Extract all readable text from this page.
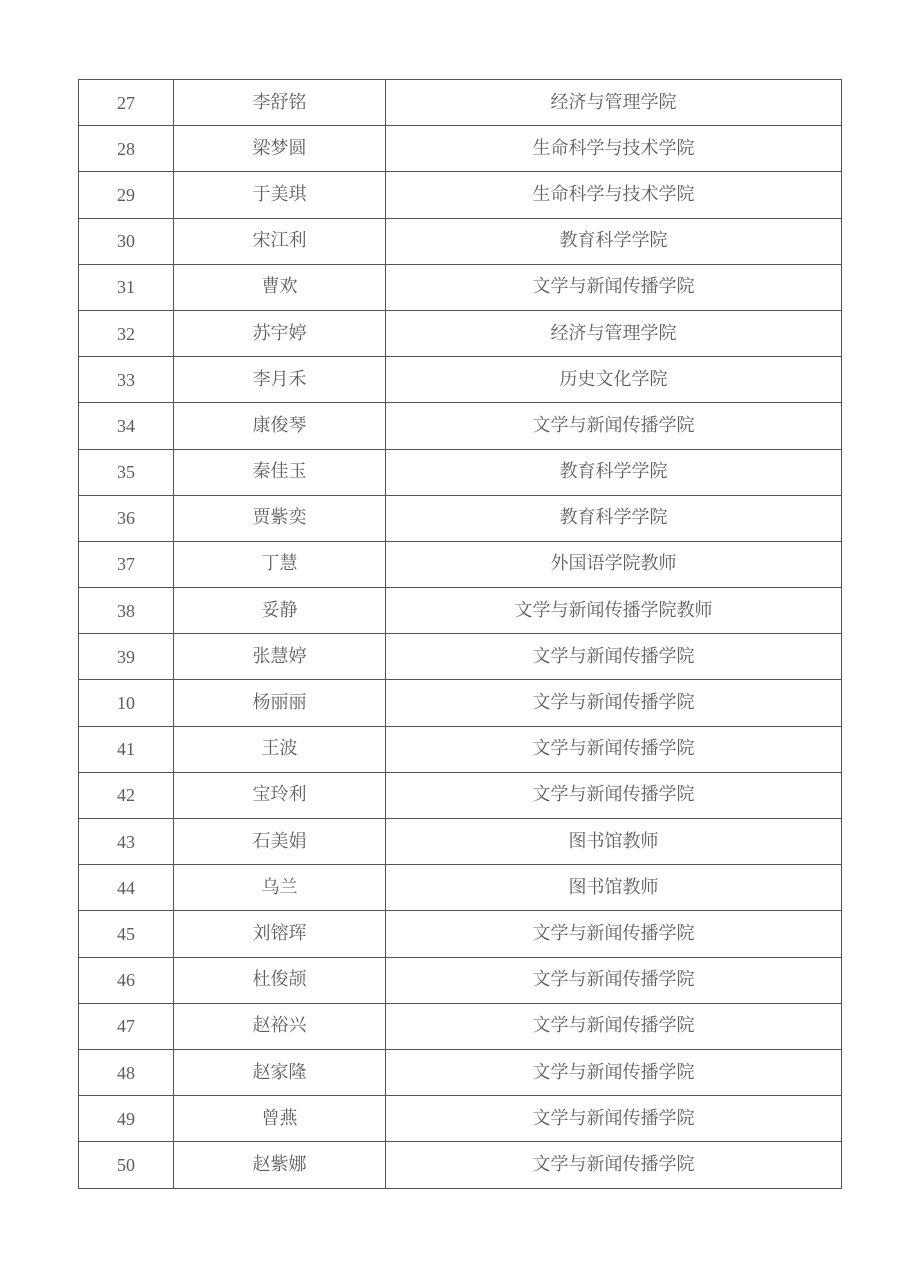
27	李舒铭	经济与管理学院
28	梁梦圆	生命科学与技术学院
29	于美琪	生命科学与技术学院
30	宋江利	教育科学学院
31	曹欢	文学与新闻传播学院
32	苏宇婷	经济与管理学院
33	李月禾	历史文化学院
34	康俊琴	文学与新闻传播学院
35	秦佳玉	教育科学学院
36	贾紫奕	教育科学学院
37	丁慧	外国语学院教师
38	妥静	文学与新闻传播学院教师
39	张慧婷	文学与新闻传播学院
10	杨丽丽	文学与新闻传播学院
41	王波	文学与新闻传播学院
42	宝玲利	文学与新闻传播学院
43	石美娟	图书馆教师
44	乌兰	图书馆教师
45	刘镕珲	文学与新闻传播学院
46	杜俊颉	文学与新闻传播学院
47	赵裕兴	文学与新闻传播学院
48	赵家隆	文学与新闻传播学院
49	曾燕	文学与新闻传播学院
50	赵紫娜	文学与新闻传播学院
